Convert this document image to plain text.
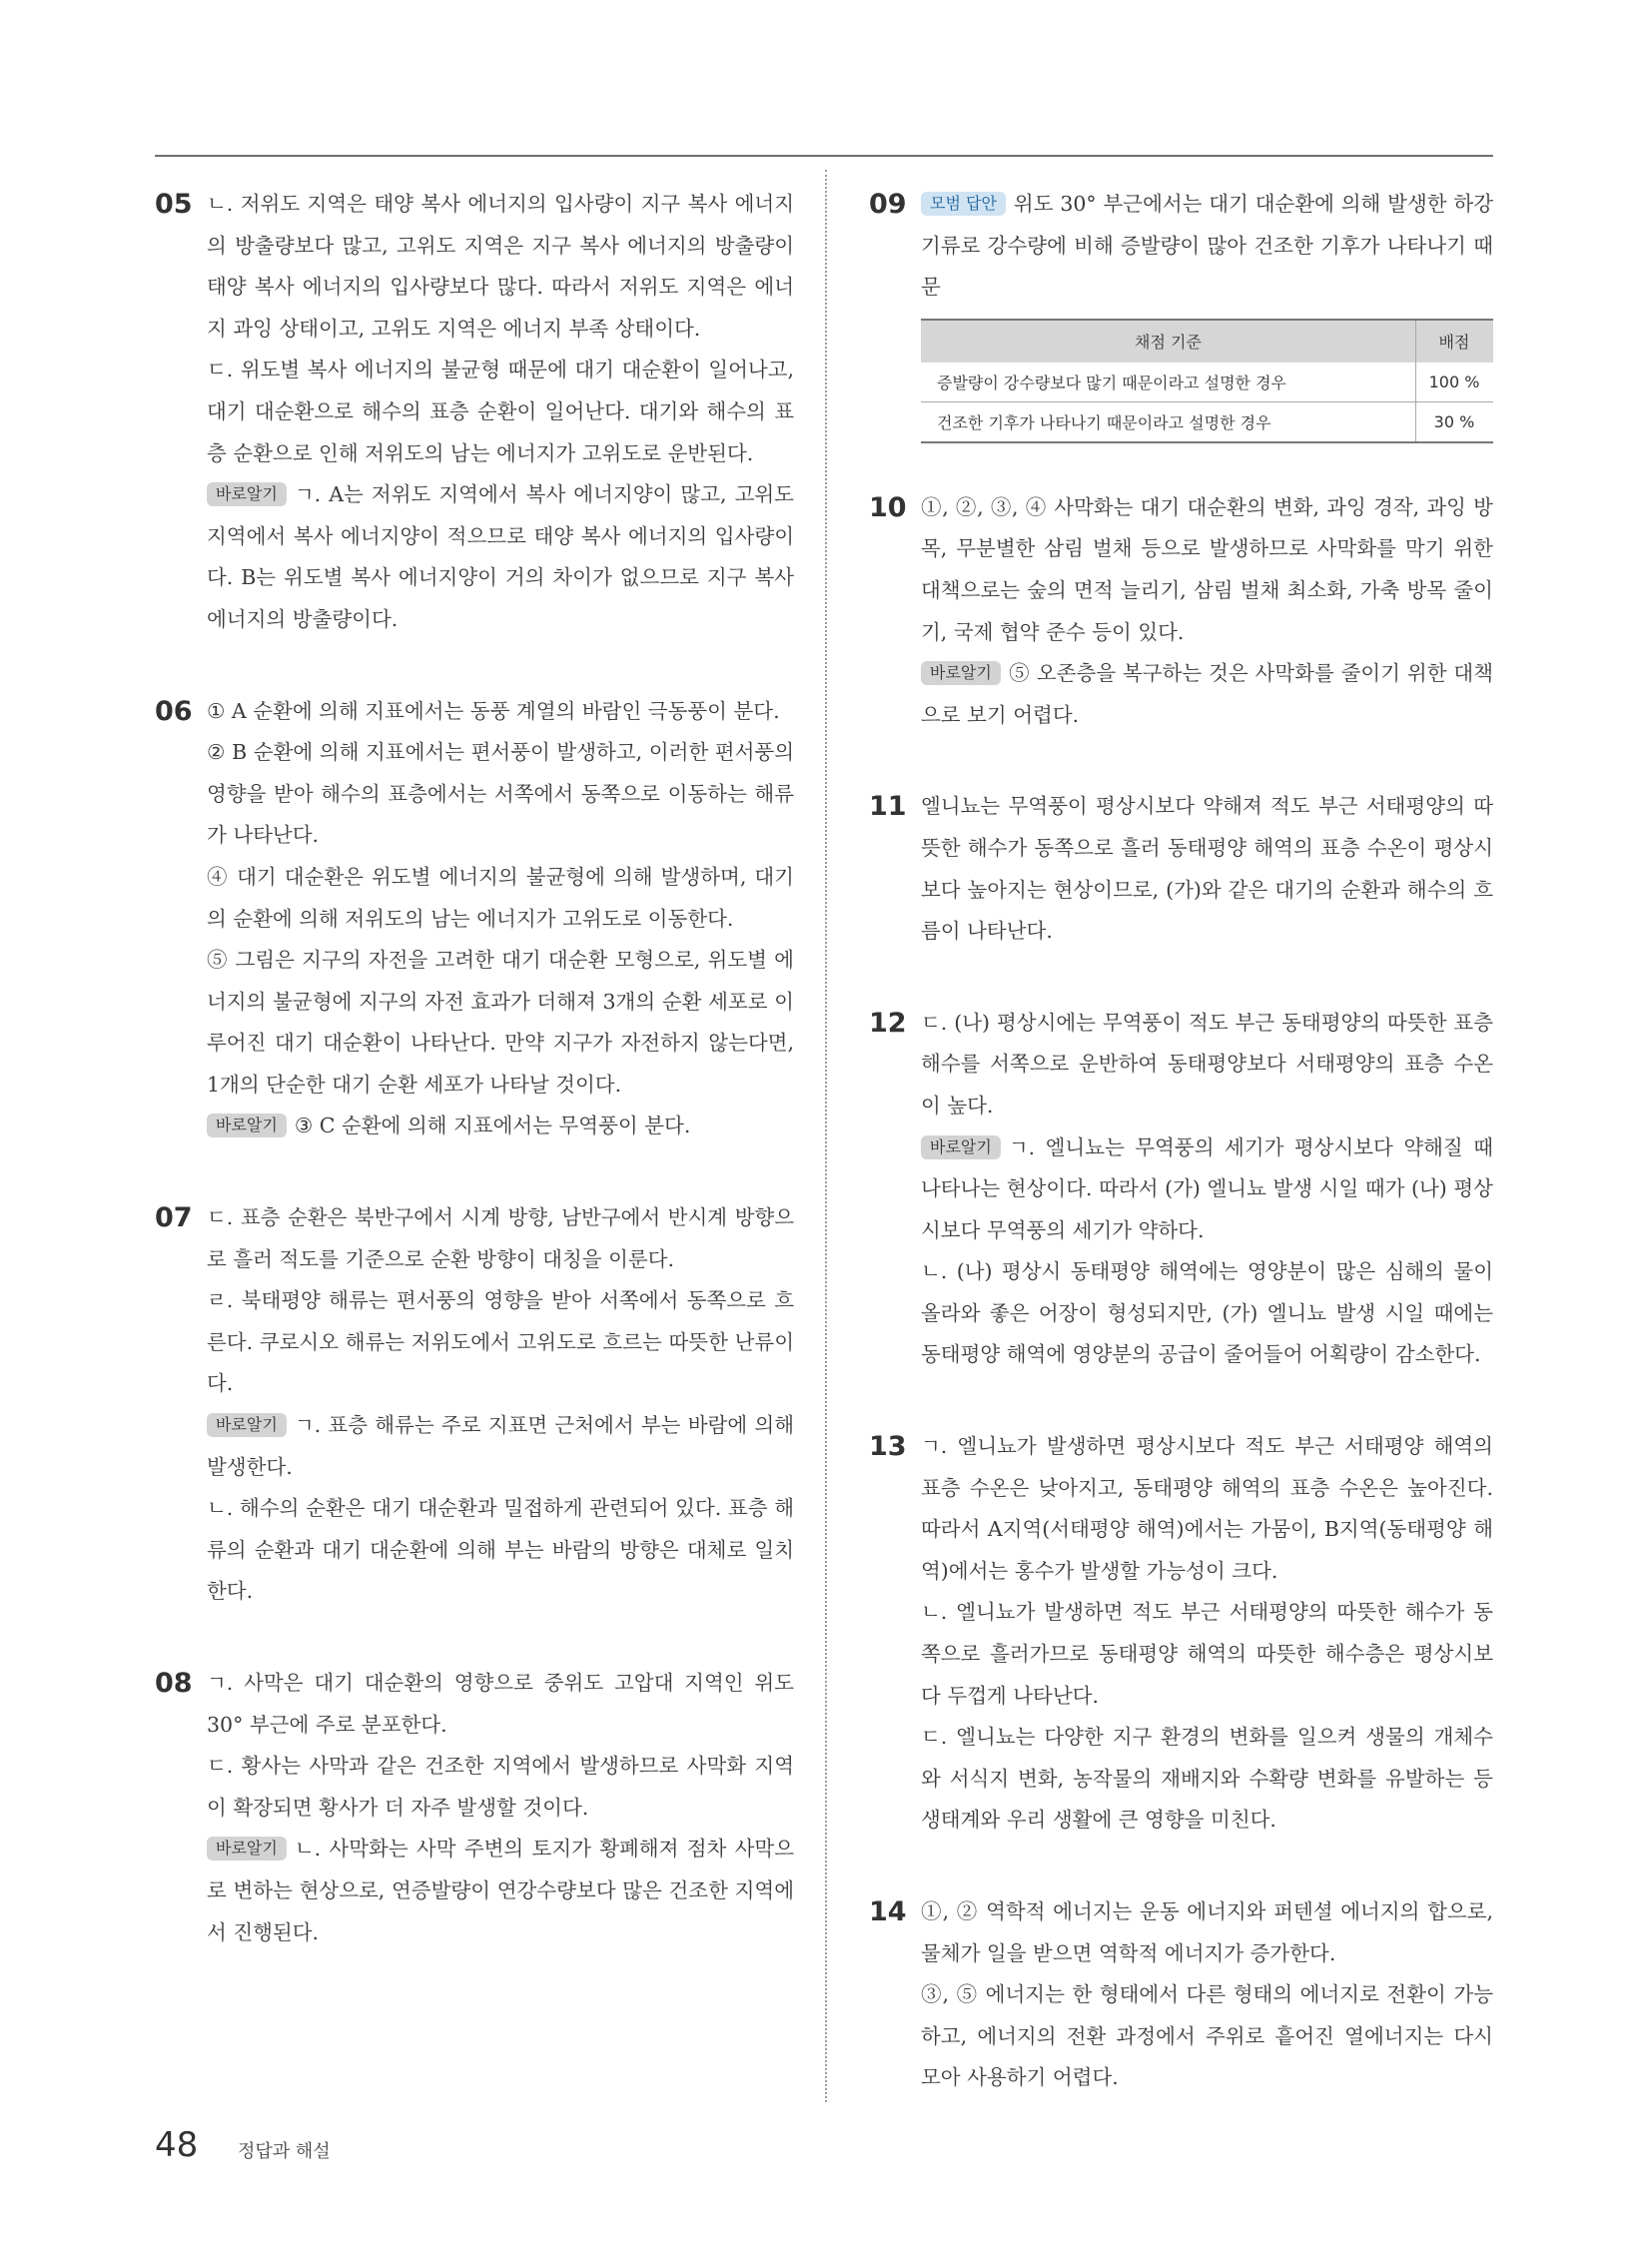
05 ㄴ. 저위도 지역은 태양 복사 에너지의 입사량이 지구 복사 에너지의 방출량보다 많고, 고위도 지역은 지구 복사 에너지의 방출량이 태양 복사 에너지의 입사량보다 많다. 따라서 저위도 지역은 에너지 과잉 상태이고, 고위도 지역은 에너지 부족 상태이다.

ㄷ. 위도별 복사 에너지의 불균형 때문에 대기 대순환이 일어나고, 대기 대순환으로 해수의 표층 순환이 일어난다. 대기와 해수의 표층 순환으로 인해 저위도의 남는 에너지가 고위도로 운반된다.

바로알기 ㄱ. A는 저위도 지역에서 복사 에너지양이 많고, 고위도 지역에서 복사 에너지양이 적으므로 태양 복사 에너지의 입사량이다. B는 위도별 복사 에너지양이 거의 차이가 없으므로 지구 복사 에너지의 방출량이다.

06 ① A 순환에 의해 지표에서는 동풍 계열의 바람인 극동풍이 분다.

② B 순환에 의해 지표에서는 편서풍이 발생하고, 이러한 편서풍의 영향을 받아 해수의 표층에서는 서쪽에서 동쪽으로 이동하는 해류가 나타난다.

④ 대기 대순환은 위도별 에너지의 불균형에 의해 발생하며, 대기의 순환에 의해 저위도의 남는 에너지가 고위도로 이동한다.

⑤ 그림은 지구의 자전을 고려한 대기 대순환 모형으로, 위도별 에너지의 불균형에 지구의 자전 효과가 더해져 3개의 순환 세포로 이루어진 대기 대순환이 나타난다. 만약 지구가 자전하지 않는다면, 1개의 단순한 대기 순환 세포가 나타날 것이다.

바로알기 ③ C 순환에 의해 지표에서는 무역풍이 분다.

07 ㄷ. 표층 순환은 북반구에서 시계 방향, 남반구에서 반시계 방향으로 흘러 적도를 기준으로 순환 방향이 대칭을 이룬다.

ㄹ. 북태평양 해류는 편서풍의 영향을 받아 서쪽에서 동쪽으로 흐른다. 쿠로시오 해류는 저위도에서 고위도로 흐르는 따뜻한 난류이다.

바로알기 ㄱ. 표층 해류는 주로 지표면 근처에서 부는 바람에 의해 발생한다.

ㄴ. 해수의 순환은 대기 대순환과 밀접하게 관련되어 있다. 표층 해류의 순환과 대기 대순환에 의해 부는 바람의 방향은 대체로 일치한다.

08 ㄱ. 사막은 대기 대순환의 영향으로 중위도 고압대 지역인 위도 30° 부근에 주로 분포한다.

ㄷ. 황사는 사막과 같은 건조한 지역에서 발생하므로 사막화 지역이 확장되면 황사가 더 자주 발생할 것이다.

바로알기 ㄴ. 사막화는 사막 주변의 토지가 황폐해져 점차 사막으로 변하는 현상으로, 연증발량이 연강수량보다 많은 건조한 지역에서 진행된다.

09	모범 답안 위도 30° 부근에서는 대기 대순환에 의해 발생한 하강 기류로 강수량에 비해 증발량이 많아 건조한 기후가 나타나기 때문

채점 기준	배점
증발량이 강수량보다 많기 때문이라고 설명한 경우	100 %
건조한 기후가 나타나기 때문이라고 설명한 경우	30 %
10 ①, ②, ③, ④ 사막화는 대기 대순환의 변화, 과잉 경작, 과잉 방목, 무분별한 삼림 벌채 등으로 발생하므로 사막화를 막기 위한 대책으로는 숲의 면적 늘리기, 삼림 벌채 최소화, 가축 방목 줄이기, 국제 협약 준수 등이 있다.

바로알기 ⑤ 오존층을 복구하는 것은 사막화를 줄이기 위한 대책으로 보기 어렵다.

11 엘니뇨는 무역풍이 평상시보다 약해져 적도 부근 서태평양의 따뜻한 해수가 동쪽으로 흘러 동태평양 해역의 표층 수온이 평상시보다 높아지는 현상이므로, (가)와 같은 대기의 순환과 해수의 흐름이 나타난다.

12 ㄷ. (나) 평상시에는 무역풍이 적도 부근 동태평양의 따뜻한 표층 해수를 서쪽으로 운반하여 동태평양보다 서태평양의 표층 수온이 높다.

바로알기 ㄱ. 엘니뇨는 무역풍의 세기가 평상시보다 약해질 때 나타나는 현상이다. 따라서 (가) 엘니뇨 발생 시일 때가 (나) 평상시보다 무역풍의 세기가 약하다.

ㄴ. (나) 평상시 동태평양 해역에는 영양분이 많은 심해의 물이 올라와 좋은 어장이 형성되지만, (가) 엘니뇨 발생 시일 때에는 동태평양 해역에 영양분의 공급이 줄어들어 어획량이 감소한다.

13 ㄱ. 엘니뇨가 발생하면 평상시보다 적도 부근 서태평양 해역의 표층 수온은 낮아지고, 동태평양 해역의 표층 수온은 높아진다. 따라서 A지역(서태평양 해역)에서는 가뭄이, B지역(동태평양 해역)에서는 홍수가 발생할 가능성이 크다.

ㄴ. 엘니뇨가 발생하면 적도 부근 서태평양의 따뜻한 해수가 동쪽으로 흘러가므로 동태평양 해역의 따뜻한 해수층은 평상시보다 두껍게 나타난다.

ㄷ. 엘니뇨는 다양한 지구 환경의 변화를 일으켜 생물의 개체수와 서식지 변화, 농작물의 재배지와 수확량 변화를 유발하는 등 생태계와 우리 생활에 큰 영향을 미친다.

14 ①, ② 역학적 에너지는 운동 에너지와 퍼텐셜 에너지의 합으로, 물체가 일을 받으면 역학적 에너지가 증가한다.

③, ⑤ 에너지는 한 형태에서 다른 형태의 에너지로 전환이 가능하고, 에너지의 전환 과정에서 주위로 흩어진 열에너지는 다시 모아 사용하기 어렵다.

48 정답과 해설
